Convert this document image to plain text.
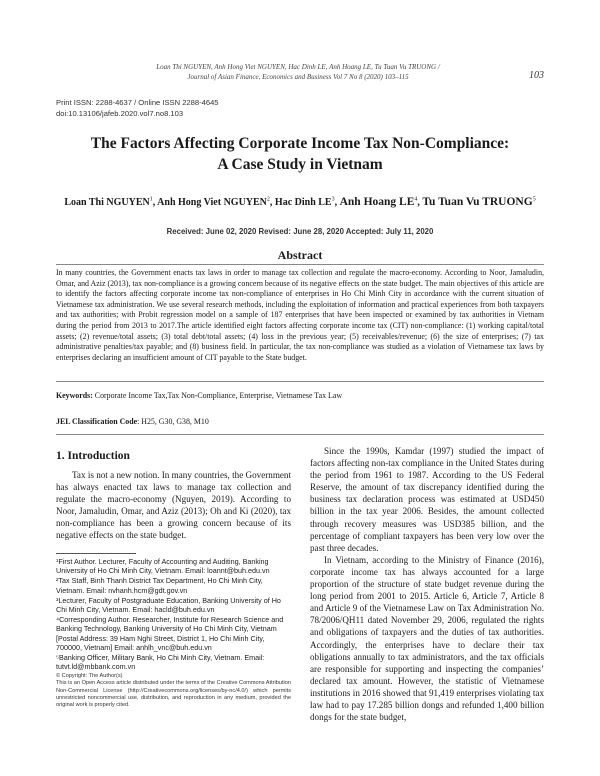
Loan Thi NGUYEN, Anh Hong Viet NGUYEN, Hac Dinh LE, Anh Hoang LE, Tu Tuan Vu TRUONG /
Journal of Asian Finance, Economics and Business Vol 7 No 8 (2020) 103–115	103
Print ISSN: 2288-4637 / Online ISSN 2288-4645
doi:10.13106/jafeb.2020.vol7.no8.103
The Factors Affecting Corporate Income Tax Non-Compliance:
A Case Study in Vietnam
Loan Thi NGUYEN$^1$, Anh Hong Viet NGUYEN$^2$, Hac Dinh $LE^3$, Anh Hoang $LE^4$, Tu Tuan Vu TRUONG$^5$
Received: June 02, 2020 Revised: June 28, 2020 Accepted: July 11, 2020
Abstract
In many countries, the Government enacts tax laws in order to manage tax collection and regulate the macro-economy. According to Noor, Jamaludin, Omar, and Aziz (2013), tax non-compliance is a growing concern because of its negative effects on the state budget. The main objectives of this article are to identify the factors affecting corporate income tax non-compliance of enterprises in Ho Chi Minh City in accordance with the current situation of Vietnamese tax administration. We use several research methods, including the exploitation of information and practical experiences from both taxpayers and tax authorities; with Probit regression model on a sample of 187 enterprises that have been inspected or examined by tax authorities in Vietnam during the period from 2013 to 2017.The article identified eight factors affecting corporate income tax (CIT) non-compliance: (1) working capital/total assets; (2) revenue/total assets; (3) total debt/total assets; (4) loss in the previous year; (5) receivables/revenue; (6) the size of enterprises; (7) tax administrative penalties/tax payable; and (8) business field. In particular, the tax non-compliance was studied as a violation of Vietnamese tax laws by enterprises declaring an insufficient amount of CIT payable to the State budget.
Keywords: Corporate Income Tax,Tax Non-Compliance, Enterprise, Vietnamese Tax Law
JEL Classification Code: H25, G30, G38, M10
1. Introduction
Tax is not a new notion. In many countries, the Government has always enacted tax laws to manage tax collection and regulate the macro-economy (Nguyen, 2019). According to Noor, Jamaludin, Omar, and Aziz (2013); Oh and Ki (2020), tax non-compliance has been a growing concern because of its negative effects on the state budget.

¹First Author. Lecturer, Faculty of Accounting and Auditing, Banking University of Ho Chi Minh City, Vietnam. Email: loannt@buh.edu.vn

²Tax Staff, Binh Thanh District Tax Department, Ho Chi Minh City, Vietnam. Email: nvhanh.hcm@gdt.gov.vn

³Lecturer, Faculty of Postgraduate Education, Banking University of Ho Chi Minh City, Vietnam. Email: hacld@buh.edu.vn

⁴Corresponding Author. Researcher, Institute for Research Science and Banking Technology, Banking University of Ho Chi Minh City, Vietnam [Postal Address: 39 Ham Nghi Street, District 1, Ho Chi Minh City, 700000, Vietnam] Email: anhlh_vnc@buh.edu.vn

⁵Banking Officer, Military Bank, Ho Chi Minh City, Vietnam. Email: tutvt.ld@mbbank.com.vn

© Copyright: The Author(s)
This is an Open Access article distributed under the terms of the Creative Commons Attribution Non-Commercial License (http://Creativecommons.org/licenses/by-nc/4.0/) which permits unrestricted noncommercial use, distribution, and reproduction in any medium, provided the original work is properly cited.

Since the 1990s, Kamdar (1997) studied the impact of factors affecting non-tax compliance in the United States during the period from 1961 to 1987. According to the US Federal Reserve, the amount of tax discrepancy identified during the business tax declaration process was estimated at USD450 billion in the tax year 2006. Besides, the amount collected through recovery measures was USD385 billion, and the percentage of compliant taxpayers has been very low over the past three decades.

In Vietnam, according to the Ministry of Finance (2016), corporate income tax has always accounted for a large proportion of the structure of state budget revenue during the long period from 2001 to 2015. Article 6, Article 7, Article 8 and Article 9 of the Vietnamese Law on Tax Administration No. 78/2006/QH11 dated November 29, 2006, regulated the rights and obligations of taxpayers and the duties of tax authorities. Accordingly, the enterprises have to declare their tax obligations annually to tax administrators, and the tax officials are responsible for supporting and inspecting the companies’ declared tax amount. However, the statistic of Vietnamese institutions in 2016 showed that 91,419 enterprises violating tax law had to pay 17.285 billion dongs and refunded 1,400 billion dongs for the state budget,
